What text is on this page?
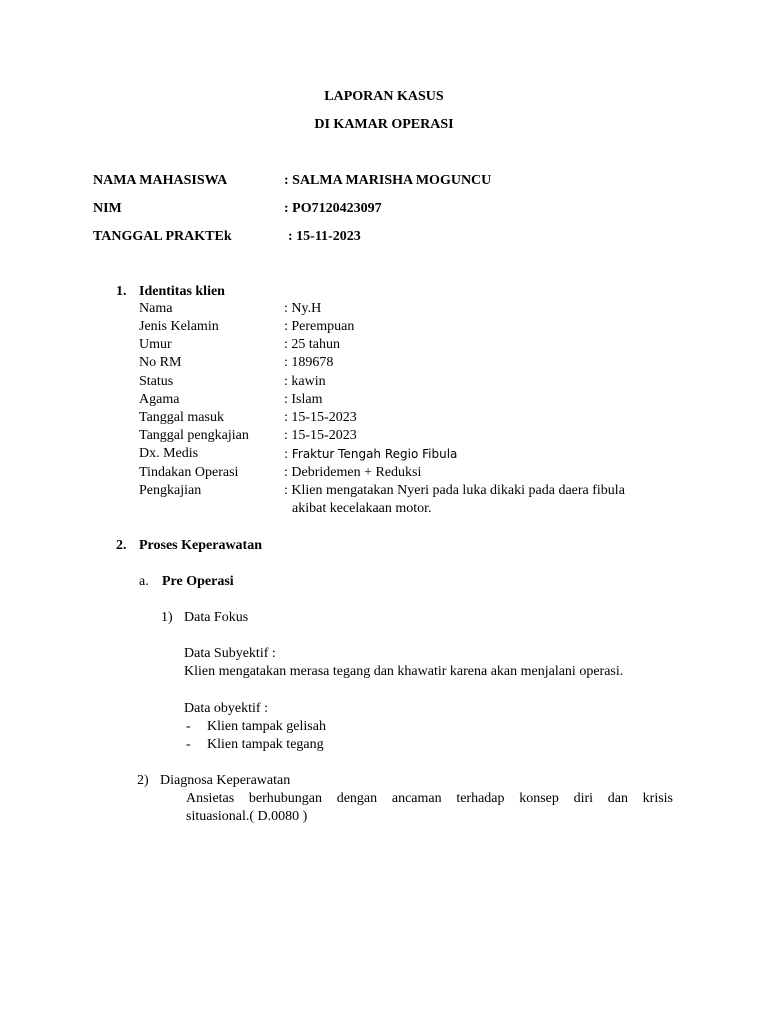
LAPORAN KASUS
DI KAMAR OPERASI
NAMA MAHASISWA	: SALMA MARISHA MOGUNCU
NIM	: PO7120423097
TANGGAL PRAKTEk	: 15-11-2023
1. Identitas klien
Nama	: Ny.H
Jenis Kelamin	: Perempuan
Umur	: 25 tahun
No RM	: 189678
Status	: kawin
Agama	: Islam
Tanggal masuk	: 15-15-2023
Tanggal pengkajian	: 15-15-2023
Dx. Medis	: Fraktur Tengah Regio Fibula
Tindakan Operasi	: Debridemen + Reduksi
Pengkajian	: Klien mengatakan Nyeri pada luka dikaki pada daera fibula
akibat kecelakaan motor.
2. Proses Keperawatan
a. Pre Operasi
1) Data Fokus
Data Subyektif :
Klien mengatakan merasa tegang dan khawatir karena akan menjalani operasi.
Data obyektif :
- Klien tampak gelisah
- Klien tampak tegang
2) Diagnosa Keperawatan
Ansietas berhubungan dengan ancaman terhadap konsep diri dan krisis
situasional.( D.0080 )
